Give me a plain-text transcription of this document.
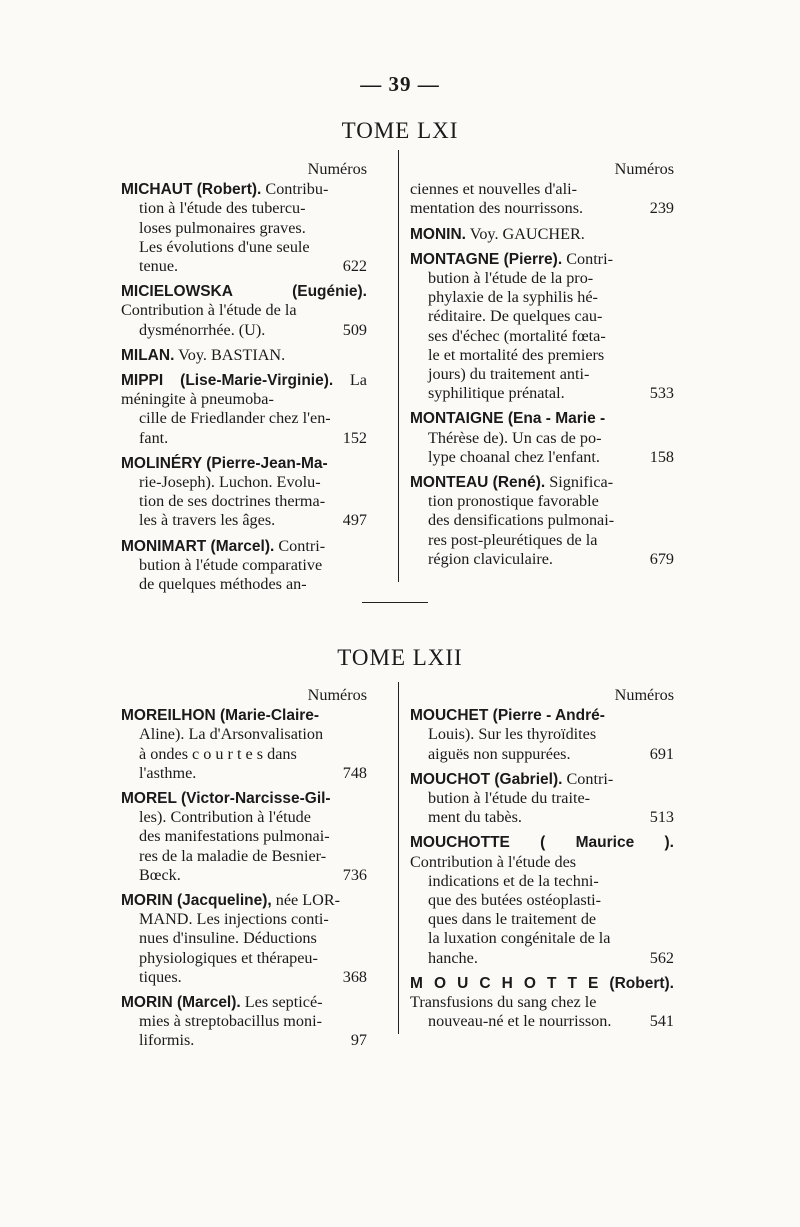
— 39 —
TOME LXI
Numéros
MICHAUT (Robert). Contribu-
tion à l'étude des tubercu-
loses pulmonaires graves.
Les évolutions d'une seule
622
tenue.
MICIELOWSKA (Eugénie). Contribution à l'étude de la
509
dysménorrhée. (U).
MILAN. Voy. BASTIAN.
MIPPI (Lise-Marie-Virginie). La méningite à pneumoba-
cille de Friedlander chez l'en-
152
fant.
MOLINÉRY (Pierre-Jean-Ma-
rie-Joseph). Luchon. Evolu-
tion de ses doctrines therma-
497
les à travers les âges.
MONIMART (Marcel). Contri-
bution à l'étude comparative
de quelques méthodes an-
Numéros
ciennes et nouvelles d'ali-
239
mentation des nourrissons.
MONIN. Voy. GAUCHER.
MONTAGNE (Pierre). Contri-
bution à l'étude de la pro-
phylaxie de la syphilis hé-
réditaire. De quelques cau-
ses d'échec (mortalité fœta-
le et mortalité des premiers
jours) du traitement anti-
533
syphilitique prénatal.
MONTAIGNE (Ena - Marie -
Thérèse de). Un cas de po-
158
lype choanal chez l'enfant.
MONTEAU (René). Significa-
tion pronostique favorable
des densifications pulmonai-
res post-pleurétiques de la
679
région claviculaire.
TOME LXII
Numéros
MOREILHON (Marie-Claire-
Aline). La d'Arsonvalisation
à ondes c o u r t e s dans
748
l'asthme.
MOREL (Victor-Narcisse-Gil-
les). Contribution à l'étude
des manifestations pulmonai-
res de la maladie de Besnier-
736
Bœck.
MORIN (Jacqueline), née LOR-
MAND. Les injections conti-
nues d'insuline. Déductions
physiologiques et thérapeu-
368
tiques.
MORIN (Marcel). Les septicé-
mies à streptobacillus moni-
97
liformis.
Numéros
MOUCHET (Pierre - André-
Louis). Sur les thyroïdites
691
aiguës non suppurées.
MOUCHOT (Gabriel). Contri-
bution à l'étude du traite-
513
ment du tabès.
MOUCHOTTE ( Maurice ). Contribution à l'étude des
indications et de la techni-
que des butées ostéoplasti-
ques dans le traitement de
la luxation congénitale de la
562
hanche.
M O U C H O T T E (Robert). Transfusions du sang chez le
541
nouveau-né et le nourrisson.
